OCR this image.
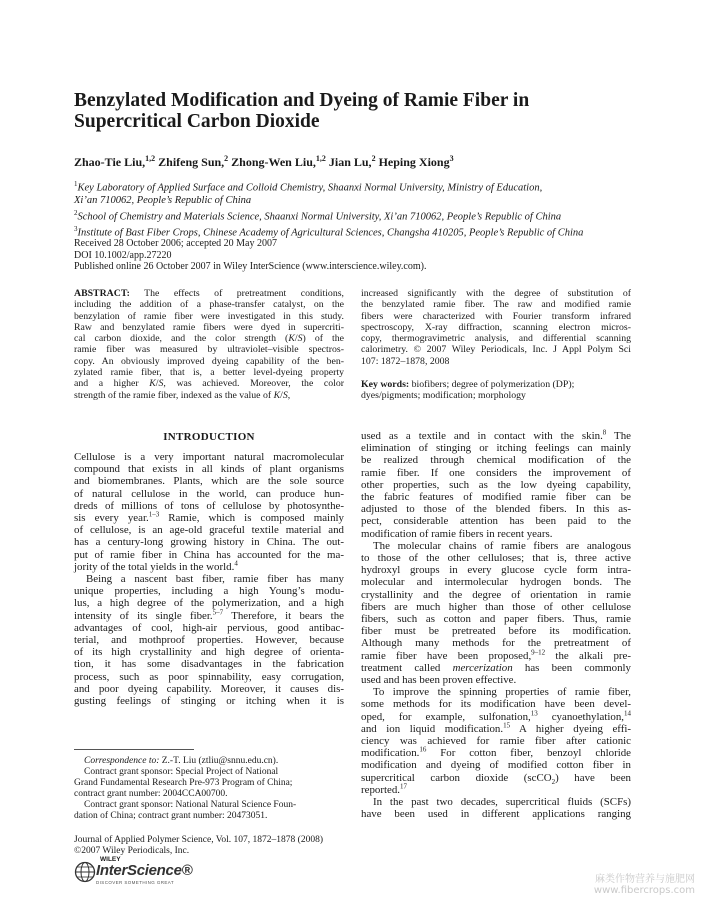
Benzylated Modification and Dyeing of Ramie Fiber in
Supercritical Carbon Dioxide
Zhao-Tie Liu,$^{1,2}$ Zhifeng Sun,$^2$ Zhong-Wen Liu,$^{1,2}$ Jian Lu,$^2$ Heping Xiong$^3$
$^1$Key Laboratory of Applied Surface and Colloid Chemistry, Shaanxi Normal University, Ministry of Education,
Xi’an 710062, People’s Republic of China
$^2$School of Chemistry and Materials Science, Shaanxi Normal University, Xi’an 710062, People’s Republic of China
$^3$Institute of Bast Fiber Crops, Chinese Academy of Agricultural Sciences, Changsha 410205, People’s Republic of China
Received 28 October 2006; accepted 20 May 2007
DOI 10.1002/app.27220
Published online 26 October 2007 in Wiley InterScience (www.interscience.wiley.com).
ABSTRACT: The effects of pretreatment conditions,
including the addition of a phase-transfer catalyst, on the
benzylation of ramie fiber were investigated in this study.
Raw and benzylated ramie fibers were dyed in supercriti-
cal carbon dioxide, and the color strength (K/S) of the
ramie fiber was measured by ultraviolet–visible spectros-
copy. An obviously improved dyeing capability of the ben-
zylated ramie fiber, that is, a better level-dyeing property
and a higher K/S, was achieved. Moreover, the color
strength of the ramie fiber, indexed as the value of K/S,
increased significantly with the degree of substitution of
the benzylated ramie fiber. The raw and modified ramie
fibers were characterized with Fourier transform infrared
spectroscopy, X-ray diffraction, scanning electron micros-
copy, thermogravimetric analysis, and differential scanning
calorimetry. © 2007 Wiley Periodicals, Inc. J Appl Polym Sci
107: 1872–1878, 2008
Key words: biofibers; degree of polymerization (DP);
dyes/pigments; modification; morphology
INTRODUCTION
Cellulose is a very important natural macromolecular
compound that exists in all kinds of plant organisms
and biomembranes. Plants, which are the sole source
of natural cellulose in the world, can produce hun-
dreds of millions of tons of cellulose by photosynthe-
sis every year.$^{1-3}$ Ramie, which is composed mainly
of cellulose, is an age-old graceful textile material and
has a century-long growing history in China. The out-
put of ramie fiber in China has accounted for the ma-
jority of the total yields in the world.$^4$
Being a nascent bast fiber, ramie fiber has many
unique properties, including a high Young’s modu-
lus, a high degree of the polymerization, and a high
intensity of its single fiber.$^{5-7}$ Therefore, it bears the
advantages of cool, high-air pervious, good antibac-
terial, and mothproof properties. However, because
of its high crystallinity and high degree of orienta-
tion, it has some disadvantages in the fabrication
process, such as poor spinnability, easy corrugation,
and poor dyeing capability. Moreover, it causes dis-
gusting feelings of stinging or itching when it is
used as a textile and in contact with the skin.$^8$ The
elimination of stinging or itching feelings can mainly
be realized through chemical modification of the
ramie fiber. If one considers the improvement of
other properties, such as the low dyeing capability,
the fabric features of modified ramie fiber can be
adjusted to those of the blended fibers. In this as-
pect, considerable attention has been paid to the
modification of ramie fibers in recent years.
The molecular chains of ramie fibers are analogous
to those of the other celluloses; that is, three active
hydroxyl groups in every glucose cycle form intra-
molecular and intermolecular hydrogen bonds. The
crystallinity and the degree of orientation in ramie
fibers are much higher than those of other cellulose
fibers, such as cotton and paper fibers. Thus, ramie
fiber must be pretreated before its modification.
Although many methods for the pretreatment of
ramie fiber have been proposed,$^{9-12}$ the alkali pre-
treatment called mercerization has been commonly
used and has been proven effective.
To improve the spinning properties of ramie fiber,
some methods for its modification have been devel-
oped, for example, sulfonation,$^{13}$ cyanoethylation,$^{14}$
and ion liquid modification.$^{15}$ A higher dyeing effi-
ciency was achieved for ramie fiber after cationic
modification.$^{16}$ For cotton fiber, benzoyl chloride
modification and dyeing of modified cotton fiber in
supercritical carbon dioxide (scCO$_2$) have been
reported.$^{17}$
In the past two decades, supercritical fluids (SCFs)
have been used in different applications ranging
Correspondence to: Z.-T. Liu (ztliu@snnu.edu.cn).
Contract grant sponsor: Special Project of National
Grand Fundamental Research Pre-973 Program of China;
contract grant number: 2004CCA00700.
Contract grant sponsor: National Natural Science Foun-
dation of China; contract grant number: 20473051.
Journal of Applied Polymer Science, Vol. 107, 1872–1878 (2008)
©2007 Wiley Periodicals, Inc.
WILEY
InterScience®
DISCOVER SOMETHING GREAT	麻类作物营养与施肥网
www.fibercrops.com
